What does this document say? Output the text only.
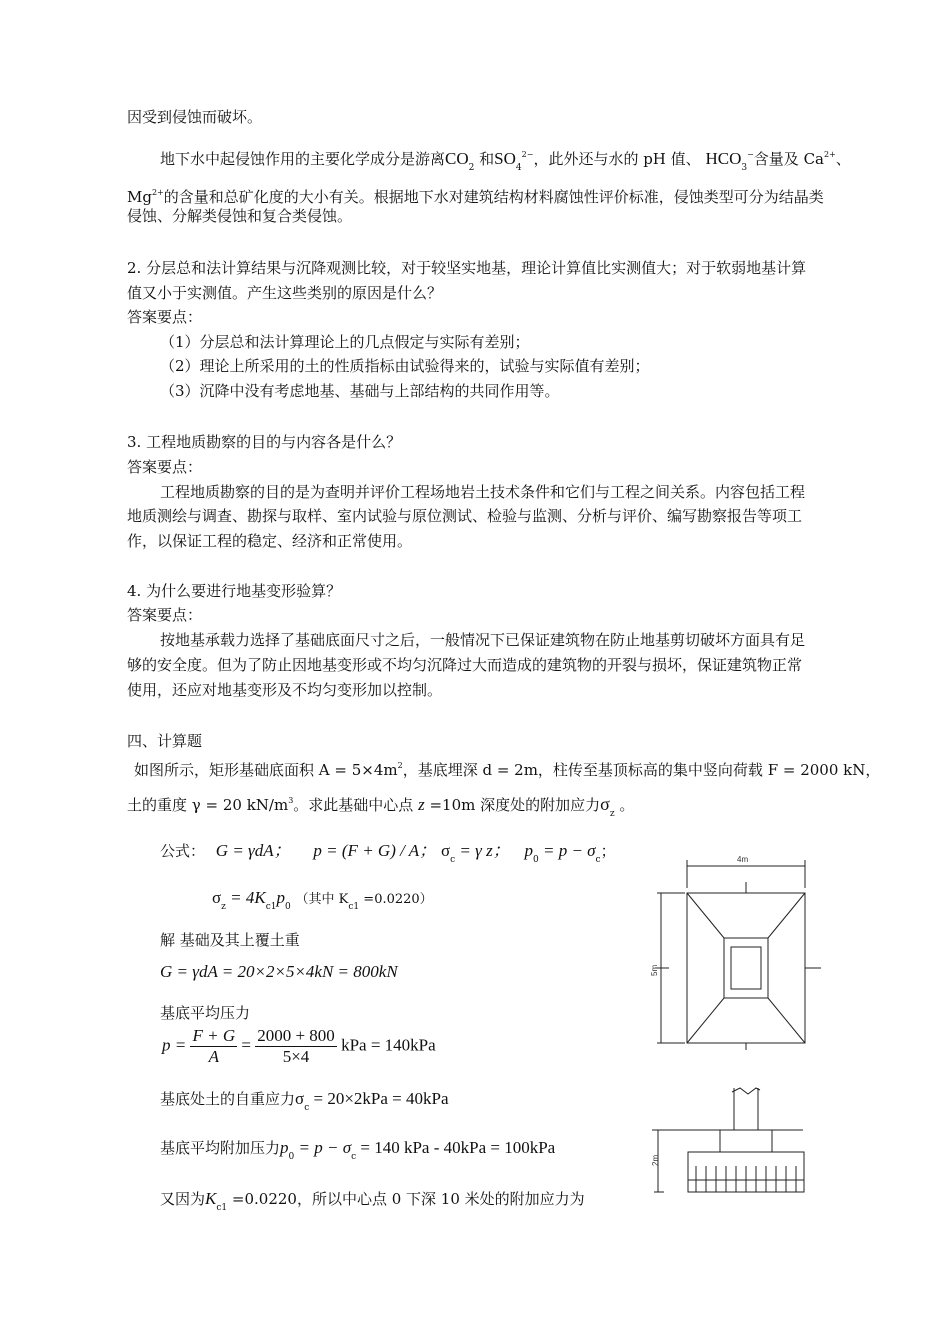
因受到侵蚀而破坏。
地下水中起侵蚀作用的主要化学成分是游离$CO_2$ 和$SO_4^{2-}$，此外还与水的 pH 值、 $HCO_3^-$含量及 $Ca^{2+}$、
$Mg^{2+}$的含量和总矿化度的大小有关。根据地下水对建筑结构材料腐蚀性评价标准，侵蚀类型可分为结晶类
侵蚀、分解类侵蚀和复合类侵蚀。
2. 分层总和法计算结果与沉降观测比较，对于较坚实地基，理论计算值比实测值大；对于软弱地基计算
值又小于实测值。产生这些类别的原因是什么？
答案要点：
（1）分层总和法计算理论上的几点假定与实际有差别；
（2）理论上所采用的土的性质指标由试验得来的，试验与实际值有差别；
（3）沉降中没有考虑地基、基础与上部结构的共同作用等。
3. 工程地质勘察的目的与内容各是什么？
答案要点：
工程地质勘察的目的是为查明并评价工程场地岩土技术条件和它们与工程之间关系。内容包括工程
地质测绘与调查、勘探与取样、室内试验与原位测试、检验与监测、分析与评价、编写勘察报告等项工
作，以保证工程的稳定、经济和正常使用。
4. 为什么要进行地基变形验算？
答案要点：
按地基承载力选择了基础底面尺寸之后，一般情况下已保证建筑物在防止地基剪切破坏方面具有足
够的安全度。但为了防止因地基变形或不均匀沉降过大而造成的建筑物的开裂与损坏，保证建筑物正常
使用，还应对地基变形及不均匀变形加以控制。
四、计算题
如图所示，矩形基础底面积 $A = 5\times 4m^2$，基底埋深 d = 2m，柱传至基顶标高的集中竖向荷载 F = 2000 kN，
土的重度 γ = 20 $kN/m^3$。求此基础中心点 z =10m 深度处的附加应力$\sigma_z$ 。
公式： G = γdA； p = (F + G) / A； $\sigma_c = \gamma$ z； $p_0 = p - \sigma_c$；
$\sigma_z = 4K_{c1}p_0$ （其中 $K_{c1} =0.0220$）
解 基础及其上覆土重
G = γdA = 20×2×5×4kN = 800kN
基底平均压力
$p = \frac{F + G}{A} = \frac{2000 + 800}{5\times 4}$ kPa = 140kPa
基底处土的自重应力$\sigma_c = 20\times 2kPa = 40kPa$
基底平均附加压力$p_0 = p - \sigma_c = 140$ kPa - 40kPa = 100kPa
又因为$K_{c1} =0.0220$，所以中心点 0 下深 10 米处的附加应力为
4m
5m
2m
